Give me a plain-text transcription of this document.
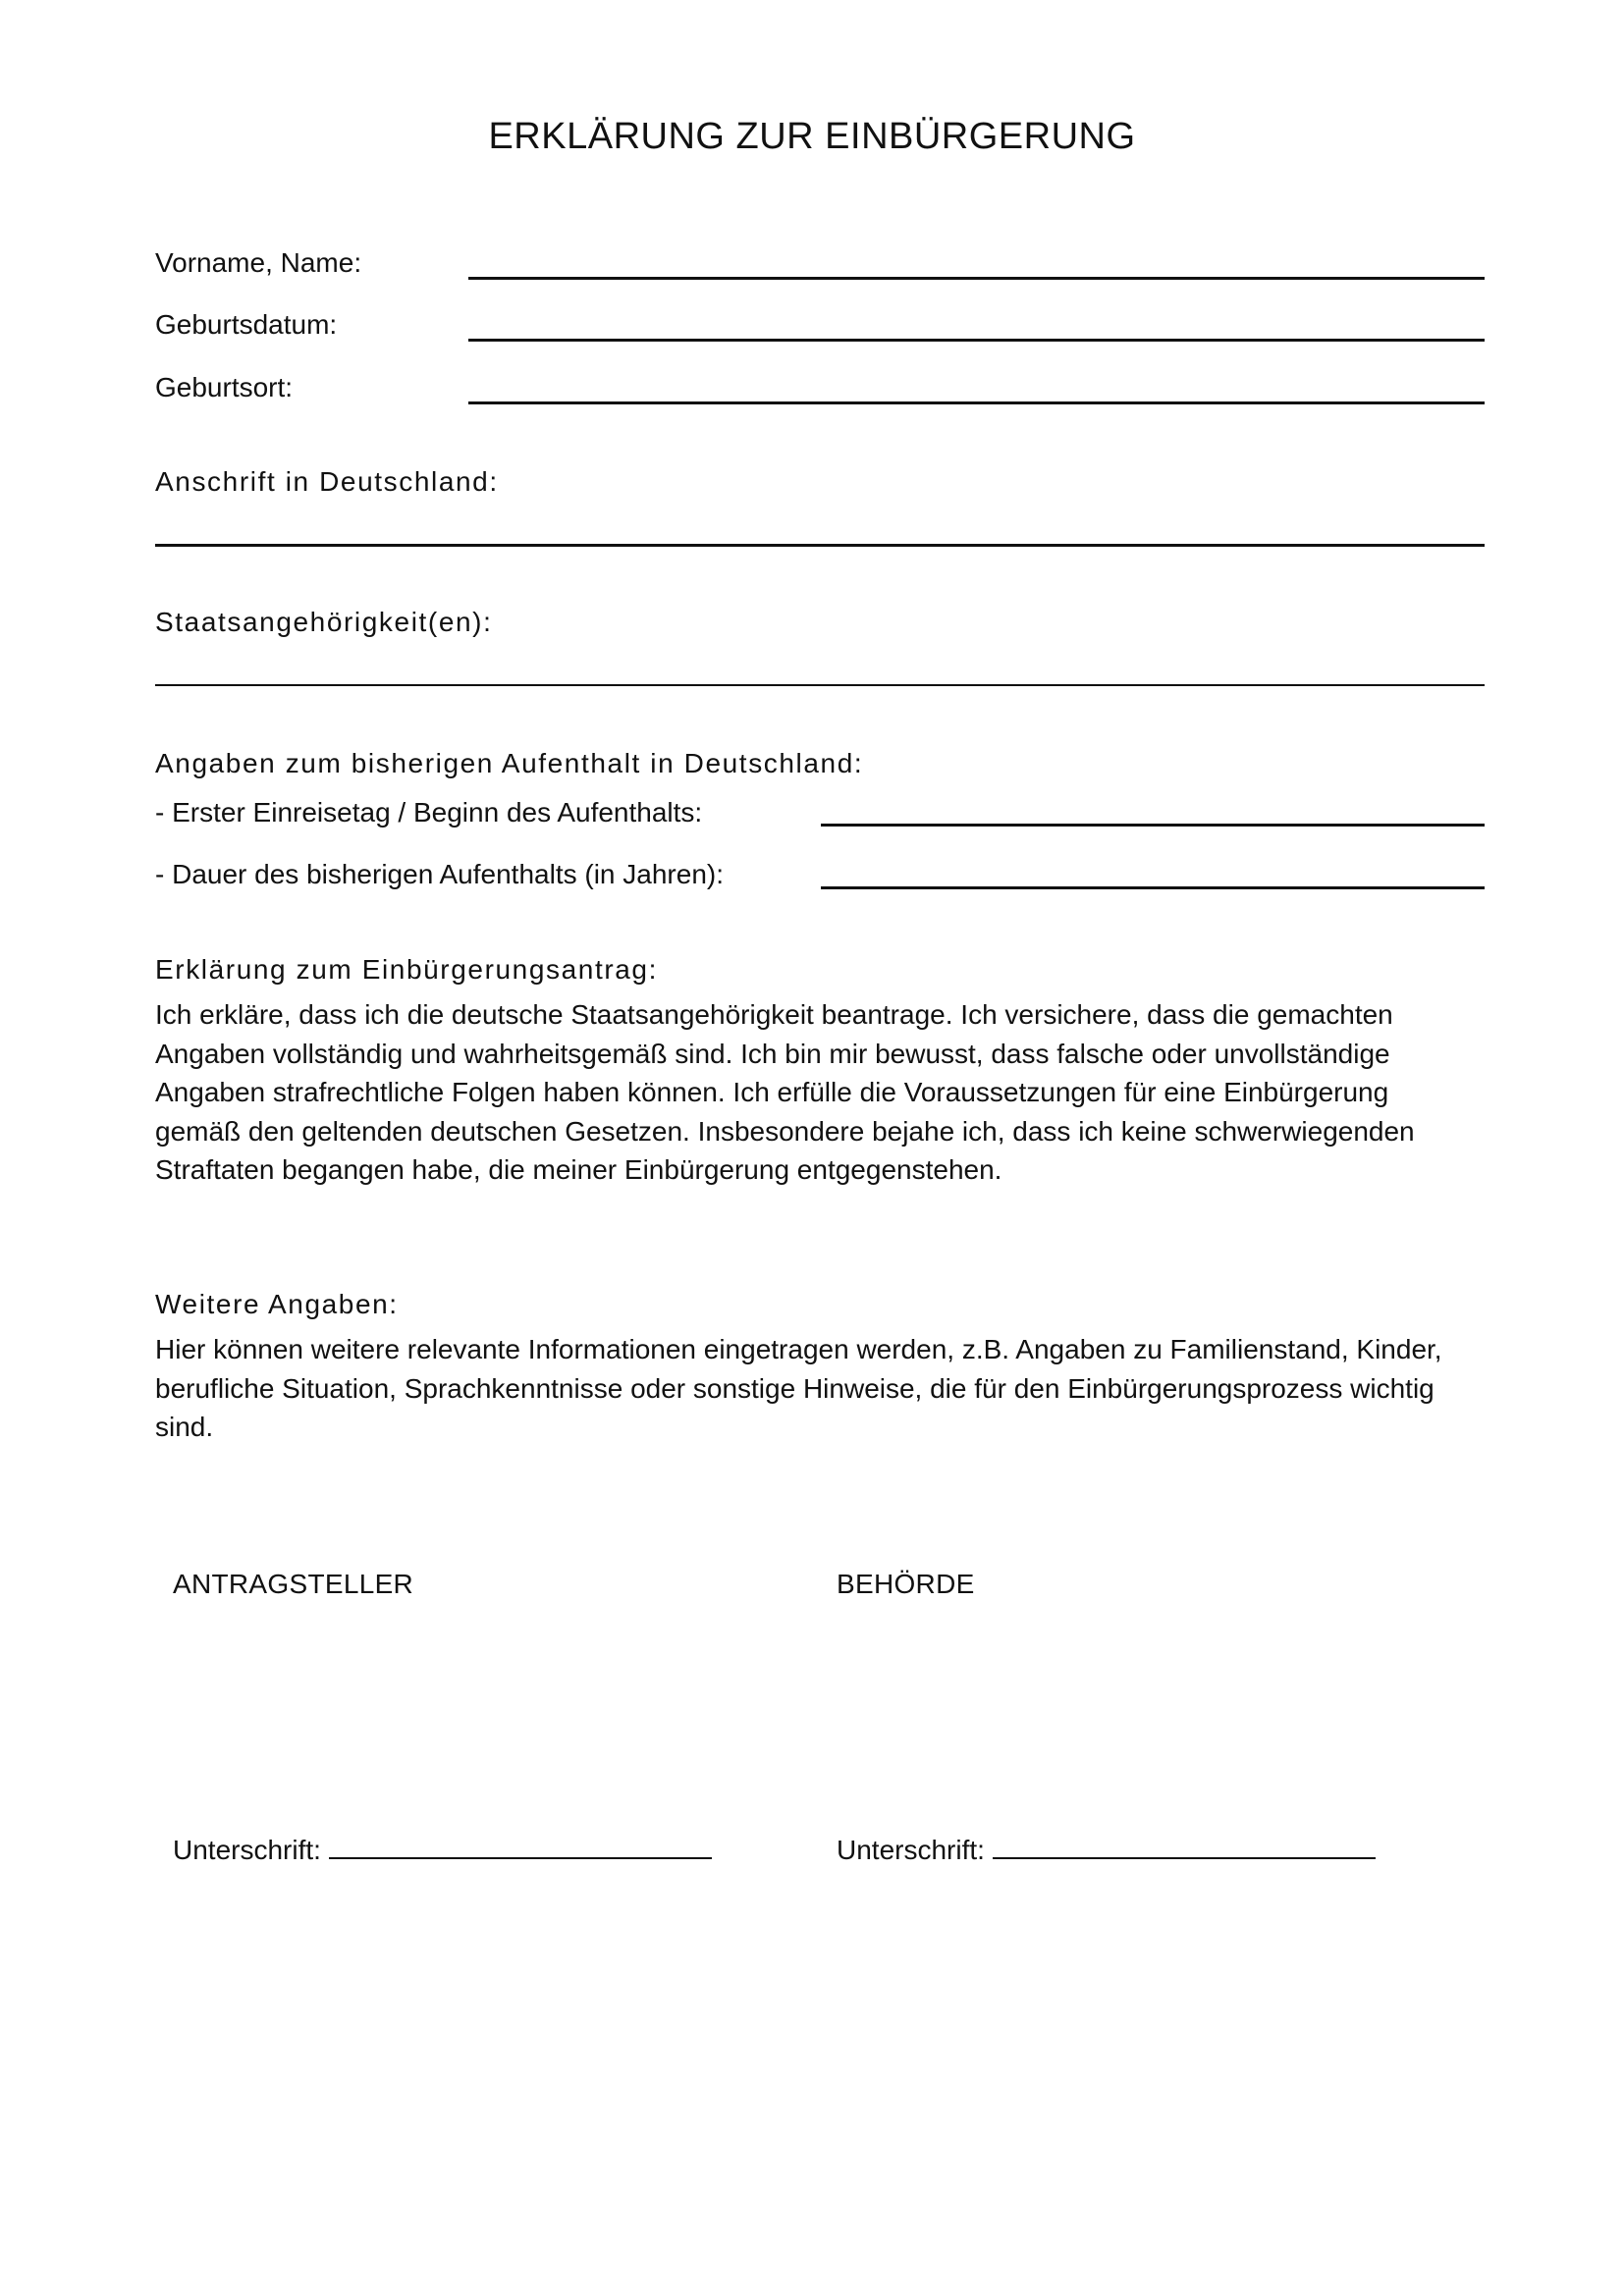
ERKLÄRUNG ZUR EINBÜRGERUNG
Vorname, Name:
Geburtsdatum:
Geburtsort:
Anschrift in Deutschland:
Staatsangehörigkeit(en):
Angaben zum bisherigen Aufenthalt in Deutschland:
- Erster Einreisetag / Beginn des Aufenthalts:
- Dauer des bisherigen Aufenthalts (in Jahren):
Erklärung zum Einbürgerungsantrag:
Ich erkläre, dass ich die deutsche Staatsangehörigkeit beantrage. Ich versichere, dass die gemachten Angaben vollständig und wahrheitsgemäß sind. Ich bin mir bewusst, dass falsche oder unvollständige Angaben strafrechtliche Folgen haben können. Ich erfülle die Voraussetzungen für eine Einbürgerung gemäß den geltenden deutschen Gesetzen. Insbesondere bejahe ich, dass ich keine schwerwiegenden Straftaten begangen habe, die meiner Einbürgerung entgegenstehen.
Weitere Angaben:
Hier können weitere relevante Informationen eingetragen werden, z.B. Angaben zu Familienstand, Kinder, berufliche Situation, Sprachkenntnisse oder sonstige Hinweise, die für den Einbürgerungsprozess wichtig sind.
ANTRAGSTELLER	BEHÖRDE
Unterschrift:	Unterschrift:
